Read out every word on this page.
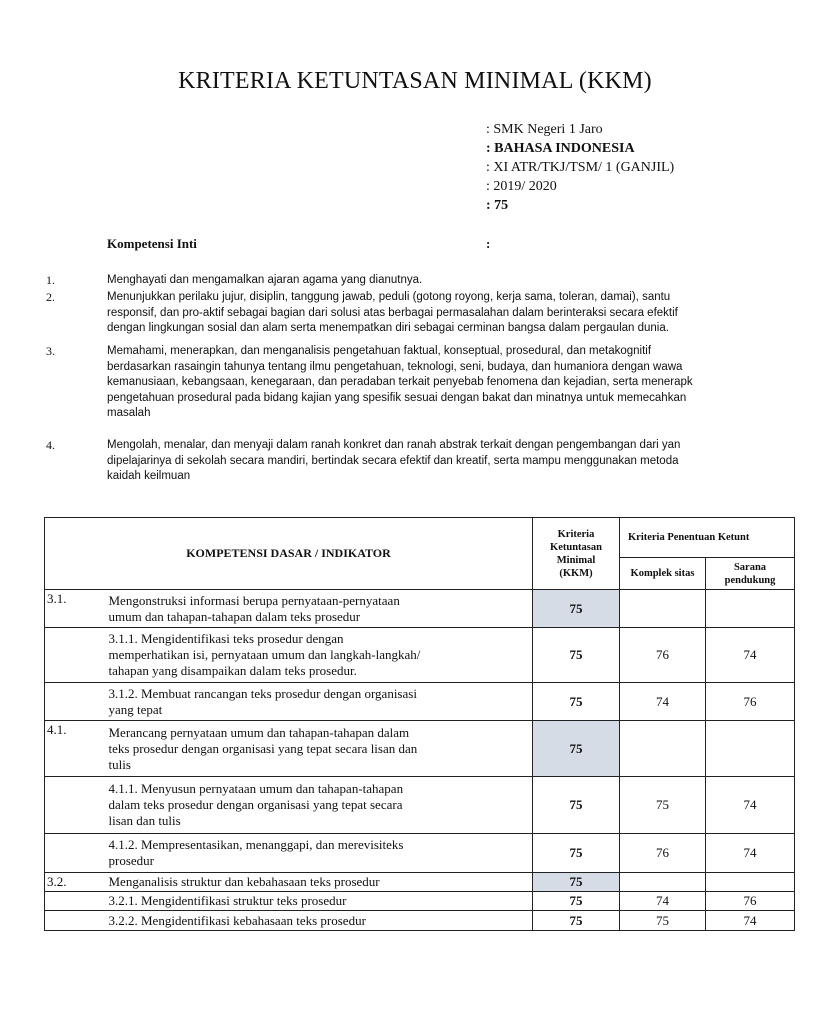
KRITERIA KETUNTASAN MINIMAL (KKM)
: SMK Negeri 1 Jaro
: BAHASA INDONESIA
: XI ATR/TKJ/TSM/ 1 (GANJIL)
: 2019/ 2020
: 75
Kompetensi Inti	:
1.	Menghayati dan mengamalkan ajaran agama yang dianutnya.
2.	Menunjukkan perilaku jujur, disiplin, tanggung jawab, peduli (gotong royong, kerja sama, toleran, damai), santu
responsif, dan pro-aktif sebagai bagian dari solusi atas berbagai permasalahan dalam berinteraksi secara efektif
dengan lingkungan sosial dan alam serta menempatkan diri sebagai cerminan bangsa dalam pergaulan dunia.
3.	Memahami, menerapkan, dan menganalisis pengetahuan faktual, konseptual, prosedural, dan metakognitif
berdasarkan rasaingin tahunya tentang ilmu pengetahuan, teknologi, seni, budaya, dan humaniora dengan wawa
kemanusiaan, kebangsaan, kenegaraan, dan peradaban terkait penyebab fenomena dan kejadian, serta menerapk
pengetahuan prosedural pada bidang kajian yang spesifik sesuai dengan bakat dan minatnya untuk memecahkan
masalah
4.	Mengolah, menalar, dan menyaji dalam ranah konkret dan ranah abstrak terkait dengan pengembangan dari yan
dipelajarinya di sekolah secara mandiri, bertindak secara efektif dan kreatif, serta mampu menggunakan metoda
kaidah keilmuan
KOMPETENSI DASAR / INDIKATOR		Kriteria
Ketuntasan
Minimal
(KKM)	Kriteria Penentuan Ketunt	
			Komplek sitas	Sarana
pendukung

3.1.	Mengonstruksi informasi berupa pernyataan-pernyataan
umum dan tahapan-tahapan dalam teks prosedur	75		

	3.1.1. Mengidentifikasi teks prosedur dengan
memperhatikan isi, pernyataan umum dan langkah-langkah/
tahapan yang disampaikan dalam teks prosedur.	75	76	74

	3.1.2. Membuat rancangan teks prosedur dengan organisasi
yang tepat	75	74	76
4.1.	Merancang pernyataan umum dan tahapan-tahapan dalam
teks prosedur dengan organisasi yang tepat secara lisan dan
tulis	75		

	4.1.1. Menyusun pernyataan umum dan tahapan-tahapan
dalam teks prosedur dengan organisasi yang tepat secara
lisan dan tulis	75	75	74

	4.1.2. Mempresentasikan, menanggapi, dan merevisiteks
prosedur	75	76	74
3.2.	Menganalisis struktur dan kebahasaan teks prosedur	75		

	3.2.1. Mengidentifikasi struktur teks prosedur	75	74	76

	3.2.2. Mengidentifikasi kebahasaan teks prosedur	75	75	74
